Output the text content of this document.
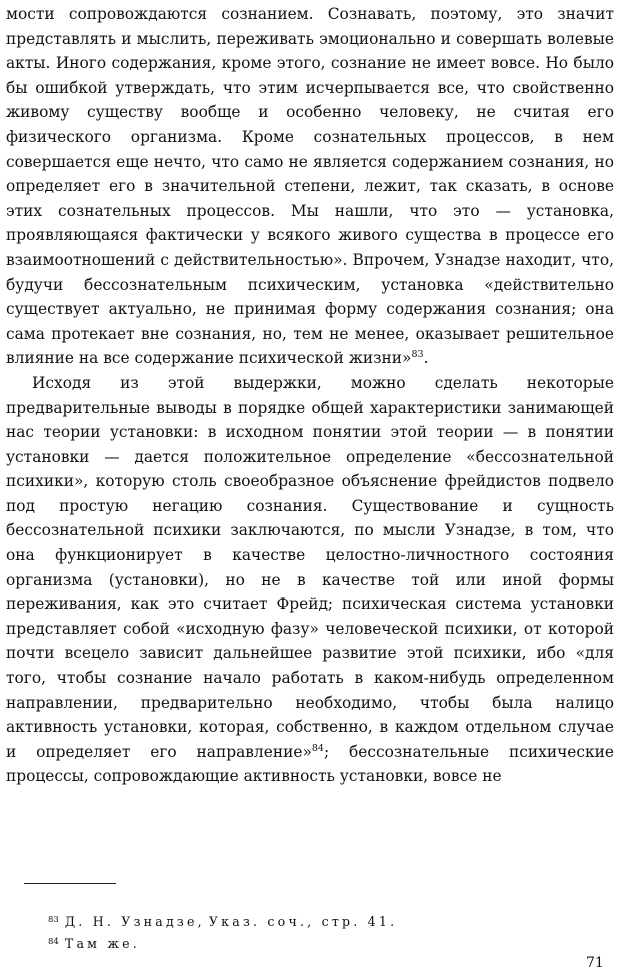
мости сопровождаются сознанием. Сознавать, поэтому, это значит представлять и мыслить, переживать эмоционально и совершать волевые акты. Иного содержания, кроме этого, сознание не имеет вовсе. Но было бы ошибкой утверждать, что этим исчерпывается все, что свойственно живому существу вообще и особенно человеку, не считая его физического организма. Кроме сознательных процессов, в нем совершается еще нечто, что само не является содержанием сознания, но определяет его в значительной степени, лежит, так сказать, в основе этих сознательных процессов. Мы нашли, что это — установка, проявляющаяся фактически у всякого живого существа в процессе его взаимоотношений с действительностью». Впрочем, Узнадзе находит, что, будучи бессознательным психическим, установка «действительно существует актуально, не принимая форму содержания сознания; она сама протекает вне сознания, но, тем не менее, оказывает решительное влияние на все содержание психической жизни»$^{83}$.

Исходя из этой выдержки, можно сделать некоторые предварительные выводы в порядке общей характеристики занимающей нас теории установки: в исходном понятии этой теории — в понятии установки — дается положительное определение «бессознательной психики», которую столь своеобразное объяснение фрейдистов подвело под простую негацию сознания. Существование и сущность бессознательной психики заключаются, по мысли Узнадзе, в том, что она функционирует в качестве целостно-личностного состояния организма (установки), но не в качестве той или иной формы переживания, как это считает Фрейд; психическая система установки представляет собой «исходную фазу» человеческой психики, от которой почти всецело зависит дальнейшее развитие этой психики, ибо «для того, чтобы сознание начало работать в каком-нибудь определенном направлении, предварительно необходимо, чтобы была налицо активность установки, которая, собственно, в каждом отдельном случае и определяет его направление»$^{84}$; бессознательные психические процессы, сопровождающие активность установки, вовсе не

$^{83}$ Д. Н. Узнадзе, Указ. соч., стр. 41.

$^{84}$ Там же.

71
